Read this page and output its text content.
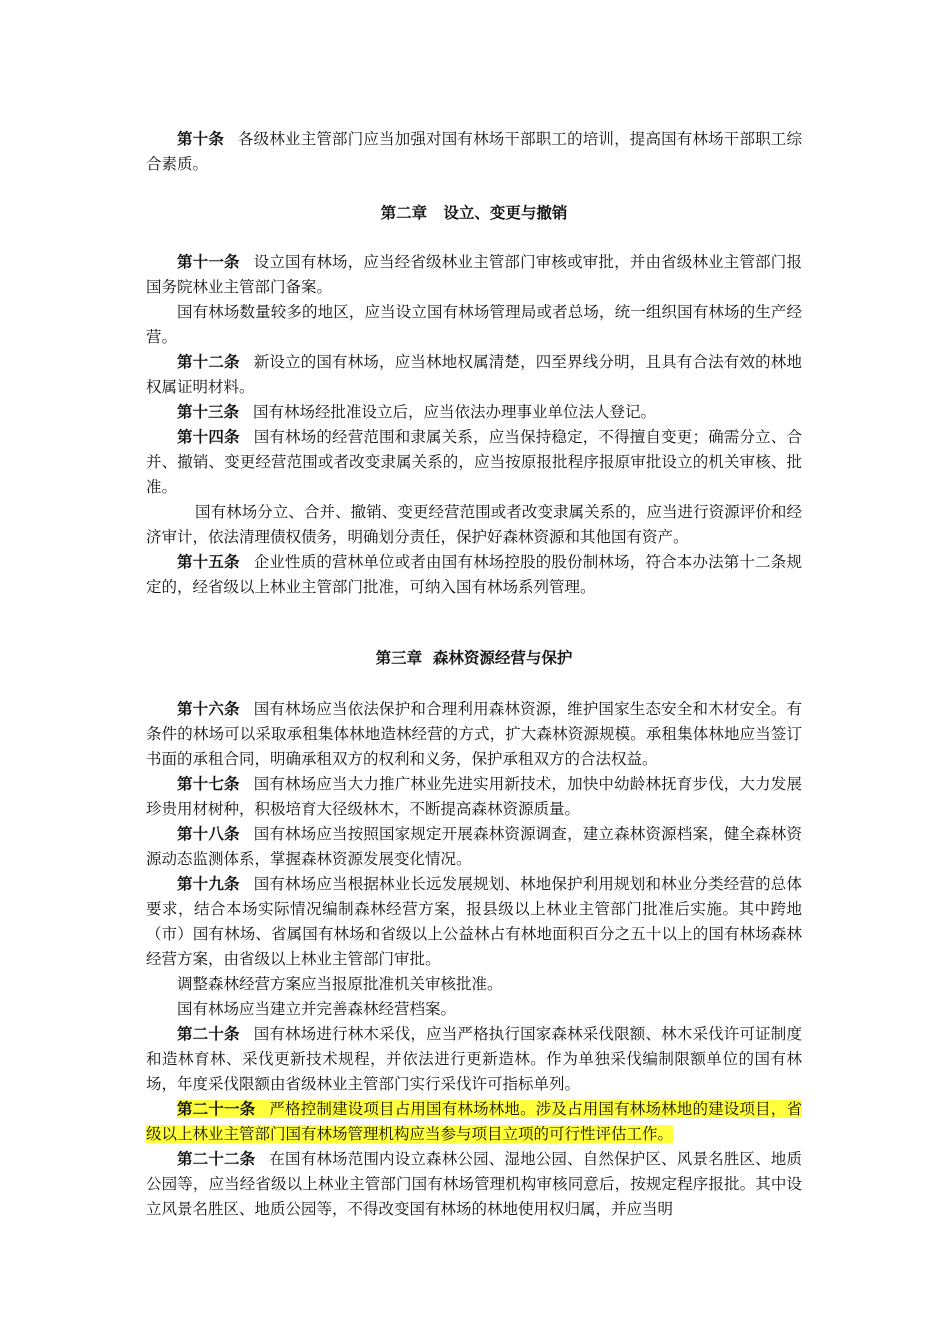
第十条 各级林业主管部门应当加强对国有林场干部职工的培训，提高国有林场干部职工综合素质。

第二章 设立、变更与撤销

第十一条 设立国有林场，应当经省级林业主管部门审核或审批，并由省级林业主管部门报国务院林业主管部门备案。

国有林场数量较多的地区，应当设立国有林场管理局或者总场，统一组织国有林场的生产经营。

第十二条 新设立的国有林场，应当林地权属清楚，四至界线分明，且具有合法有效的林地权属证明材料。

第十三条 国有林场经批准设立后，应当依法办理事业单位法人登记。

第十四条 国有林场的经营范围和隶属关系，应当保持稳定，不得擅自变更；确需分立、合并、撤销、变更经营范围或者改变隶属关系的，应当按原报批程序报原审批设立的机关审核、批准。

国有林场分立、合并、撤销、变更经营范围或者改变隶属关系的，应当进行资源评价和经济审计，依法清理债权债务，明确划分责任，保护好森林资源和其他国有资产。

第十五条 企业性质的营林单位或者由国有林场控股的股份制林场，符合本办法第十二条规定的，经省级以上林业主管部门批准，可纳入国有林场系列管理。

第三章 森林资源经营与保护

第十六条 国有林场应当依法保护和合理利用森林资源，维护国家生态安全和木材安全。有条件的林场可以采取承租集体林地造林经营的方式，扩大森林资源规模。承租集体林地应当签订书面的承租合同，明确承租双方的权利和义务，保护承租双方的合法权益。

第十七条 国有林场应当大力推广林业先进实用新技术，加快中幼龄林抚育步伐，大力发展珍贵用材树种，积极培育大径级林木，不断提高森林资源质量。

第十八条 国有林场应当按照国家规定开展森林资源调查，建立森林资源档案，健全森林资源动态监测体系，掌握森林资源发展变化情况。

第十九条 国有林场应当根据林业长远发展规划、林地保护利用规划和林业分类经营的总体要求，结合本场实际情况编制森林经营方案，报县级以上林业主管部门批准后实施。其中跨地（市）国有林场、省属国有林场和省级以上公益林占有林地面积百分之五十以上的国有林场森林经营方案，由省级以上林业主管部门审批。

调整森林经营方案应当报原批准机关审核批准。

国有林场应当建立并完善森林经营档案。

第二十条 国有林场进行林木采伐，应当严格执行国家森林采伐限额、林木采伐许可证制度和造林育林、采伐更新技术规程，并依法进行更新造林。作为单独采伐编制限额单位的国有林场，年度采伐限额由省级林业主管部门实行采伐许可指标单列。

第二十一条 严格控制建设项目占用国有林场林地。涉及占用国有林场林地的建设项目，省级以上林业主管部门国有林场管理机构应当参与项目立项的可行性评估工作。

第二十二条 在国有林场范围内设立森林公园、湿地公园、自然保护区、风景名胜区、地质公园等，应当经省级以上林业主管部门国有林场管理机构审核同意后，按规定程序报批。其中设立风景名胜区、地质公园等，不得改变国有林场的林地使用权归属，并应当明
